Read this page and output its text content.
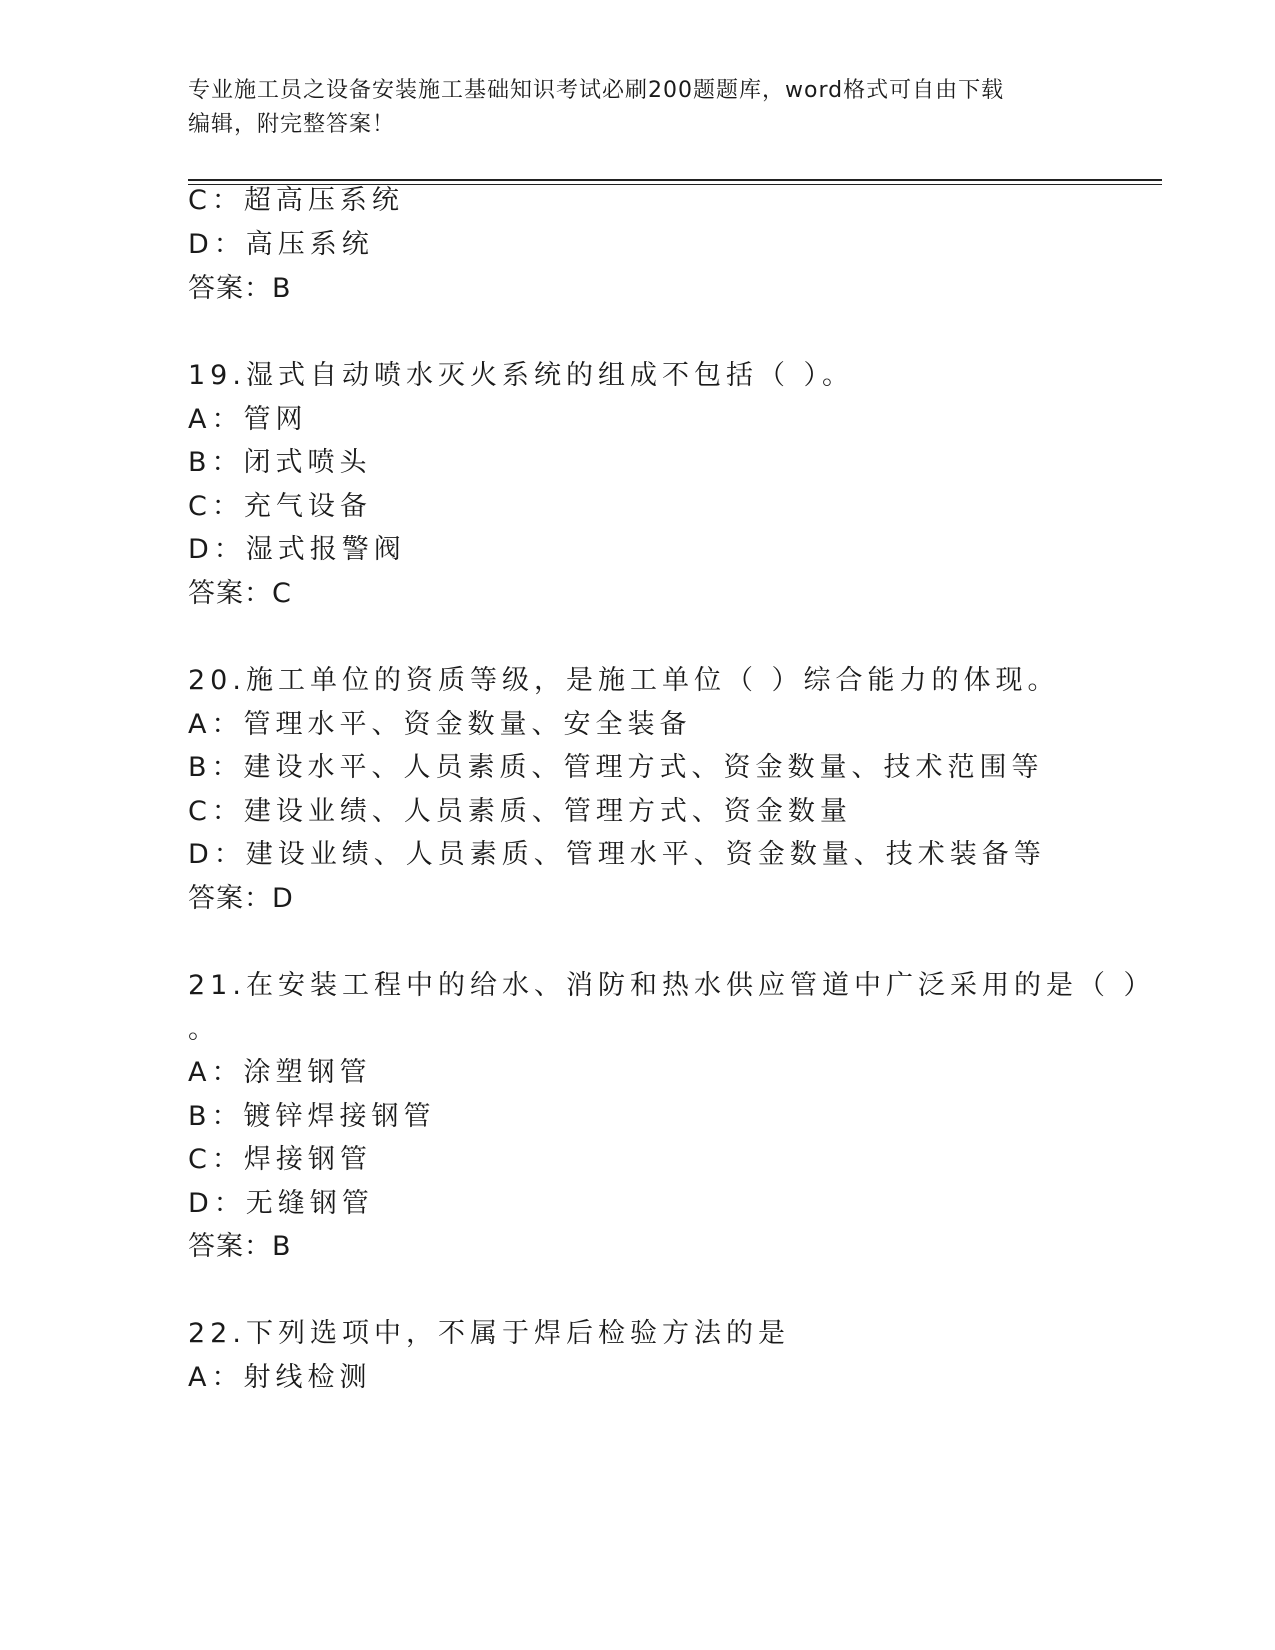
专业施工员之设备安装施工基础知识考试必刷200题题库，word格式可自由下载
编辑，附完整答案！
C：超高压系统
D：高压系统
答案：B
19.湿式自动喷水灭火系统的组成不包括（ ）。
A：管网
B：闭式喷头
C：充气设备
D：湿式报警阀
答案：C
20.施工单位的资质等级，是施工单位（ ）综合能力的体现。
A：管理水平、资金数量、安全装备
B：建设水平、人员素质、管理方式、资金数量、技术范围等
C：建设业绩、人员素质、管理方式、资金数量
D：建设业绩、人员素质、管理水平、资金数量、技术装备等
答案：D
21.在安装工程中的给水、消防和热水供应管道中广泛采用的是（ ）
。
A：涂塑钢管
B：镀锌焊接钢管
C：焊接钢管
D：无缝钢管
答案：B
22.下列选项中，不属于焊后检验方法的是
A：射线检测
